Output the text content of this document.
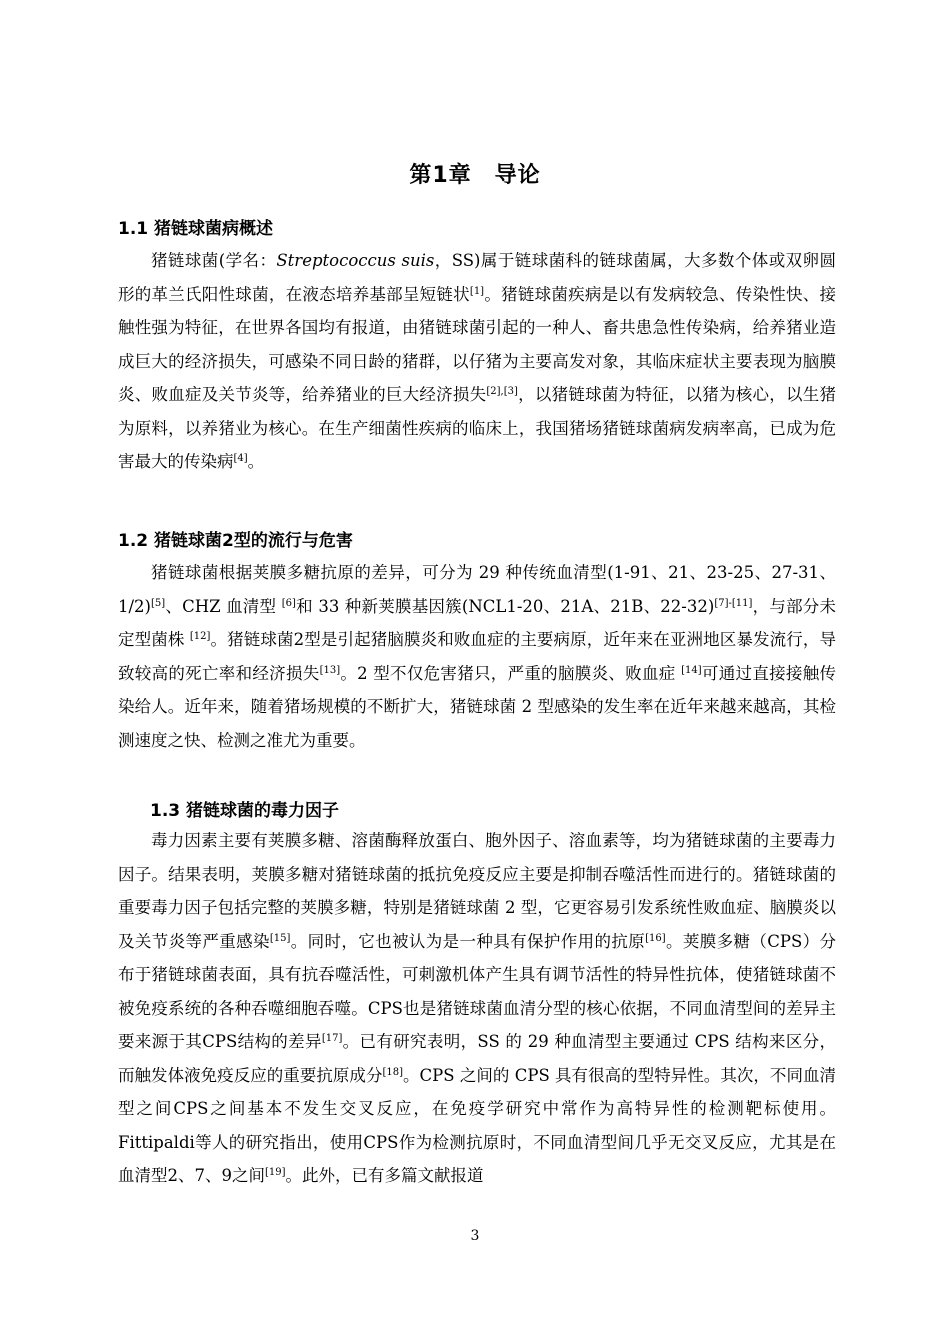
第1章　导论
1.1 猪链球菌病概述

猪链球菌(学名：Streptococcus suis，SS)属于链球菌科的链球菌属，大多数个体或双卵圆形的革兰氏阳性球菌，在液态培养基部呈短链状[1]。猪链球菌疾病是以有发病较急、传染性快、接触性强为特征，在世界各国均有报道，由猪链球菌引起的一种人、畜共患急性传染病，给养猪业造成巨大的经济损失，可感染不同日龄的猪群，以仔猪为主要高发对象，其临床症状主要表现为脑膜炎、败血症及关节炎等，给养猪业的巨大经济损失[2],[3]，以猪链球菌为特征，以猪为核心，以生猪为原料，以养猪业为核心。在生产细菌性疾病的临床上，我国猪场猪链球菌病发病率高，已成为危害最大的传染病[4]。

1.2 猪链球菌2型的流行与危害

猪链球菌根据荚膜多糖抗原的差异，可分为 29 种传统血清型(1-91、21、23-25、27-31、1/2)[5]、CHZ 血清型 [6]和 33 种新荚膜基因簇(NCL1-20、21A、21B、22-32)[7]-[11]，与部分未定型菌株 [12]。猪链球菌2型是引起猪脑膜炎和败血症的主要病原，近年来在亚洲地区暴发流行，导致较高的死亡率和经济损失[13]。2 型不仅危害猪只，严重的脑膜炎、败血症 [14]可通过直接接触传染给人。近年来，随着猪场规模的不断扩大，猪链球菌 2 型感染的发生率在近年来越来越高，其检测速度之快、检测之准尤为重要。

1.3 猪链球菌的毒力因子

毒力因素主要有荚膜多糖、溶菌酶释放蛋白、胞外因子、溶血素等，均为猪链球菌的主要毒力因子。结果表明，荚膜多糖对猪链球菌的抵抗免疫反应主要是抑制吞噬活性而进行的。猪链球菌的重要毒力因子包括完整的荚膜多糖，特别是猪链球菌 2 型，它更容易引发系统性败血症、脑膜炎以及关节炎等严重感染[15]。同时，它也被认为是一种具有保护作用的抗原[16]。荚膜多糖（CPS）分布于猪链球菌表面，具有抗吞噬活性，可刺激机体产生具有调节活性的特异性抗体，使猪链球菌不被免疫系统的各种吞噬细胞吞噬。CPS也是猪链球菌血清分型的核心依据，不同血清型间的差异主要来源于其CPS结构的差异[17]。已有研究表明，SS 的 29 种血清型主要通过 CPS 结构来区分，而触发体液免疫反应的重要抗原成分[18]。CPS 之间的 CPS 具有很高的型特异性。其次，不同血清型之间CPS之间基本不发生交叉反应，在免疫学研究中常作为高特异性的检测靶标使用。Fittipaldi等人的研究指出，使用CPS作为检测抗原时，不同血清型间几乎无交叉反应，尤其是在血清型2、7、9之间[19]。此外，已有多篇文献报道

3
